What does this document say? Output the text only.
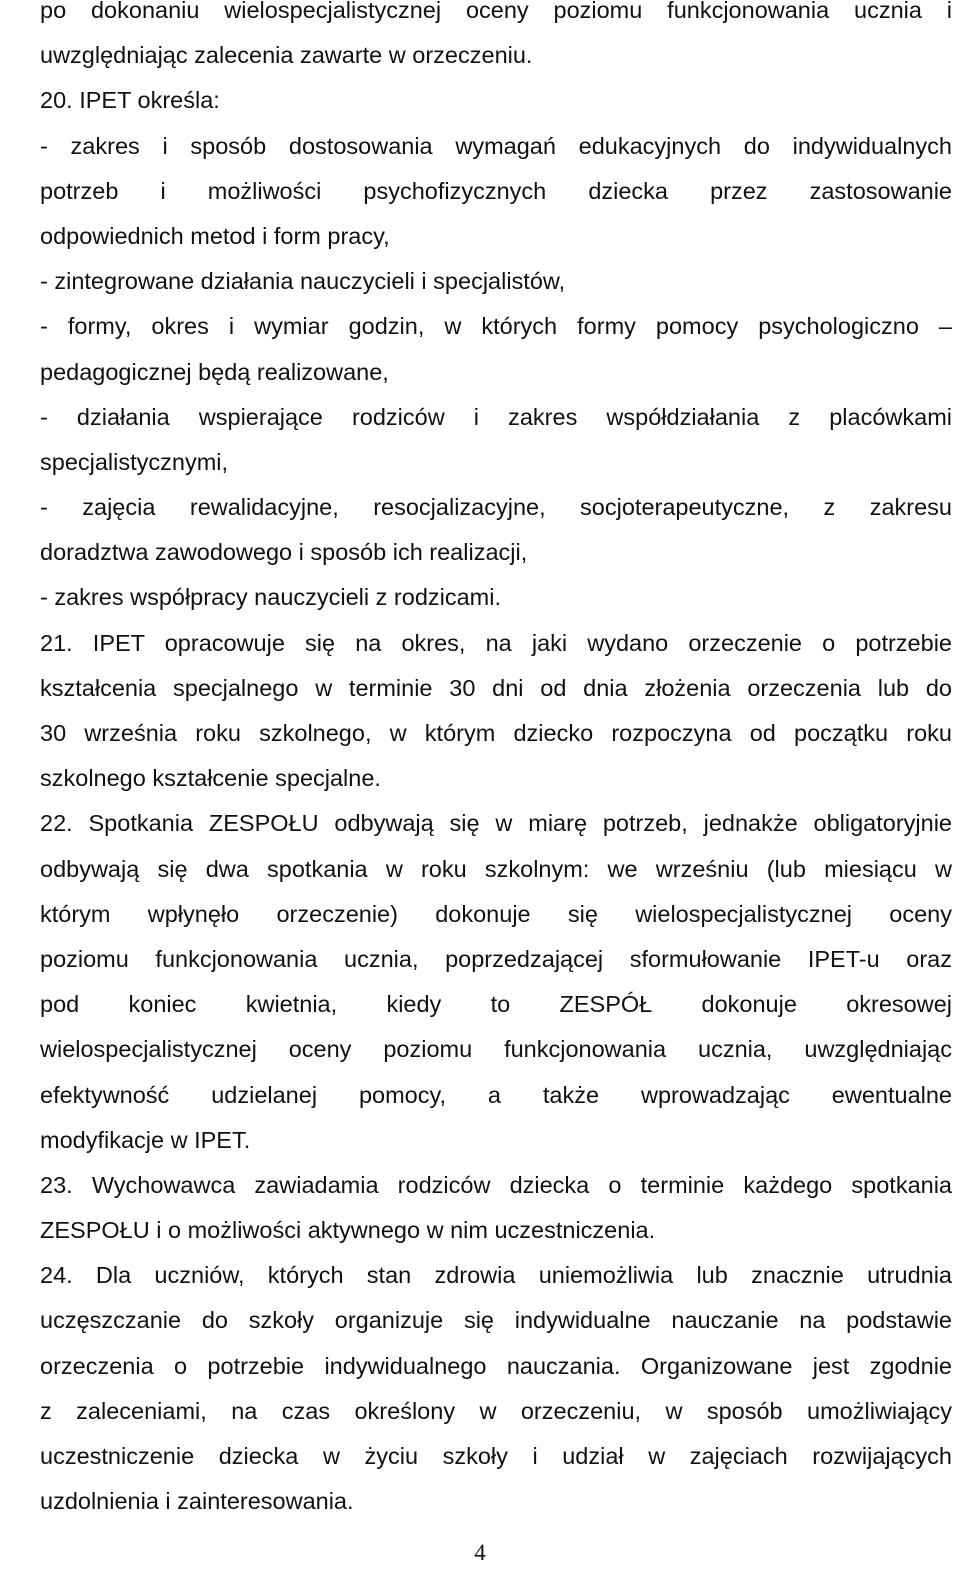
po dokonaniu wielospecjalistycznej oceny poziomu funkcjonowania ucznia i
uwzględniając zalecenia zawarte w orzeczeniu.
20. IPET określa:
- zakres i sposób dostosowania wymagań edukacyjnych do indywidualnych
potrzeb i możliwości psychofizycznych dziecka przez zastosowanie
odpowiednich metod i form pracy,
- zintegrowane działania nauczycieli i specjalistów,
- formy, okres i wymiar godzin, w których formy pomocy psychologiczno –
pedagogicznej będą realizowane,
- działania wspierające rodziców i zakres współdziałania z placówkami
specjalistycznymi,
- zajęcia rewalidacyjne, resocjalizacyjne, socjoterapeutyczne, z zakresu
doradztwa zawodowego i sposób ich realizacji,
- zakres współpracy nauczycieli z rodzicami.
21. IPET opracowuje się na okres, na jaki wydano orzeczenie o potrzebie
kształcenia specjalnego w terminie 30 dni od dnia złożenia orzeczenia lub do
30 września roku szkolnego, w którym dziecko rozpoczyna od początku roku
szkolnego kształcenie specjalne.
22. Spotkania ZESPOŁU odbywają się w miarę potrzeb, jednakże obligatoryjnie
odbywają się dwa spotkania w roku szkolnym: we wrześniu (lub miesiącu w
którym wpłynęło orzeczenie) dokonuje się wielospecjalistycznej oceny
poziomu funkcjonowania ucznia, poprzedzającej sformułowanie IPET-u oraz
pod koniec kwietnia, kiedy to ZESPÓŁ dokonuje okresowej
wielospecjalistycznej oceny poziomu funkcjonowania ucznia, uwzględniając
efektywność udzielanej pomocy, a także wprowadzając ewentualne
modyfikacje w IPET.
23. Wychowawca zawiadamia rodziców dziecka o terminie każdego spotkania
ZESPOŁU i o możliwości aktywnego w nim uczestniczenia.
24. Dla uczniów, których stan zdrowia uniemożliwia lub znacznie utrudnia
uczęszczanie do szkoły organizuje się indywidualne nauczanie na podstawie
orzeczenia o potrzebie indywidualnego nauczania. Organizowane jest zgodnie
z zaleceniami, na czas określony w orzeczeniu, w sposób umożliwiający
uczestniczenie dziecka w życiu szkoły i udział w zajęciach rozwijających
uzdolnienia i zainteresowania.
4
